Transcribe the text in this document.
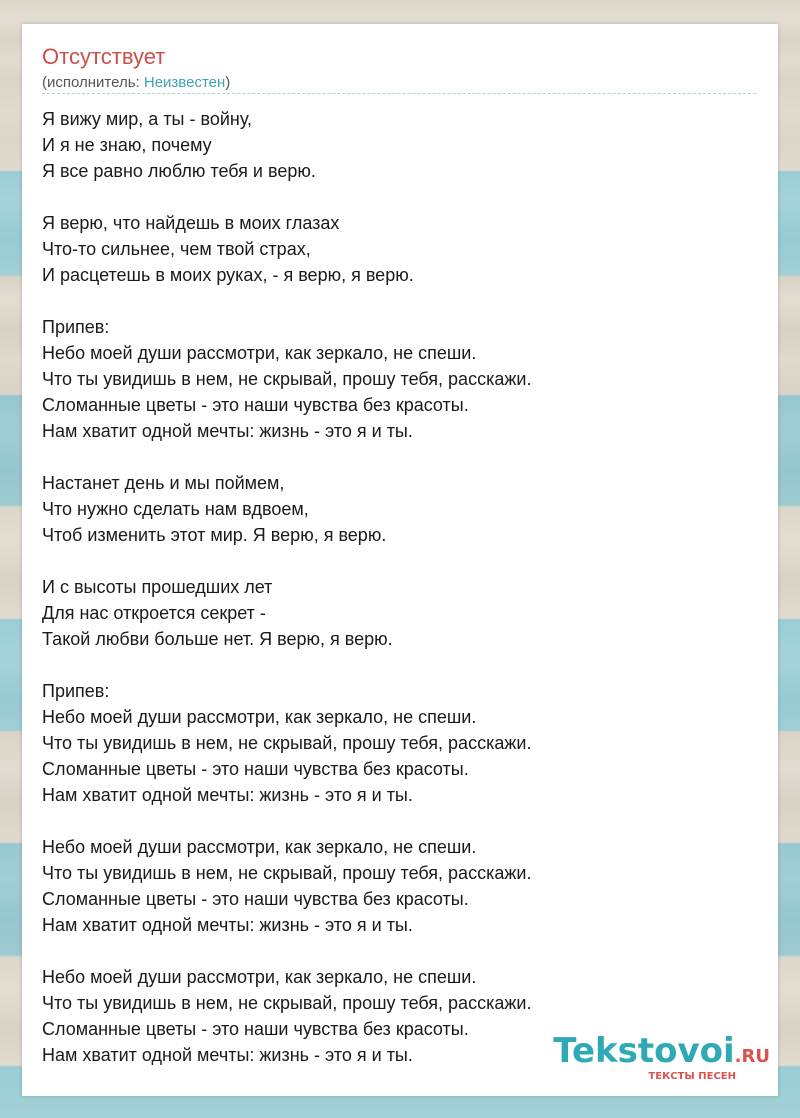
Отсутствует
(исполнитель: Неизвестен)
Я вижу мир, а ты - войну,
И я не знаю, почему
Я все равно люблю тебя и верю.
Я верю, что найдешь в моих глазах
Что-то сильнее, чем твой страх,
И расцетешь в моих руках, - я верю, я верю.
Припев:
Небо моей души рассмотри, как зеркало, не спеши.
Что ты увидишь в нем, не скрывай, прошу тебя, расскажи.
Сломанные цветы - это наши чувства без красоты.
Нам хватит одной мечты: жизнь - это я и ты.
Настанет день и мы поймем,
Что нужно сделать нам вдвоем,
Чтоб изменить этот мир. Я верю, я верю.
И с высоты прошедших лет
Для нас откроется секрет -
Такой любви больше нет. Я верю, я верю.
Припев:
Небо моей души рассмотри, как зеркало, не спеши.
Что ты увидишь в нем, не скрывай, прошу тебя, расскажи.
Сломанные цветы - это наши чувства без красоты.
Нам хватит одной мечты: жизнь - это я и ты.
Небо моей души рассмотри, как зеркало, не спеши.
Что ты увидишь в нем, не скрывай, прошу тебя, расскажи.
Сломанные цветы - это наши чувства без красоты.
Нам хватит одной мечты: жизнь - это я и ты.
Небо моей души рассмотри, как зеркало, не спеши.
Что ты увидишь в нем, не скрывай, прошу тебя, расскажи.
Сломанные цветы - это наши чувства без красоты.
Нам хватит одной мечты: жизнь - это я и ты.	Tekstovoi.RU
ТЕКСТЫ ПЕСЕН
